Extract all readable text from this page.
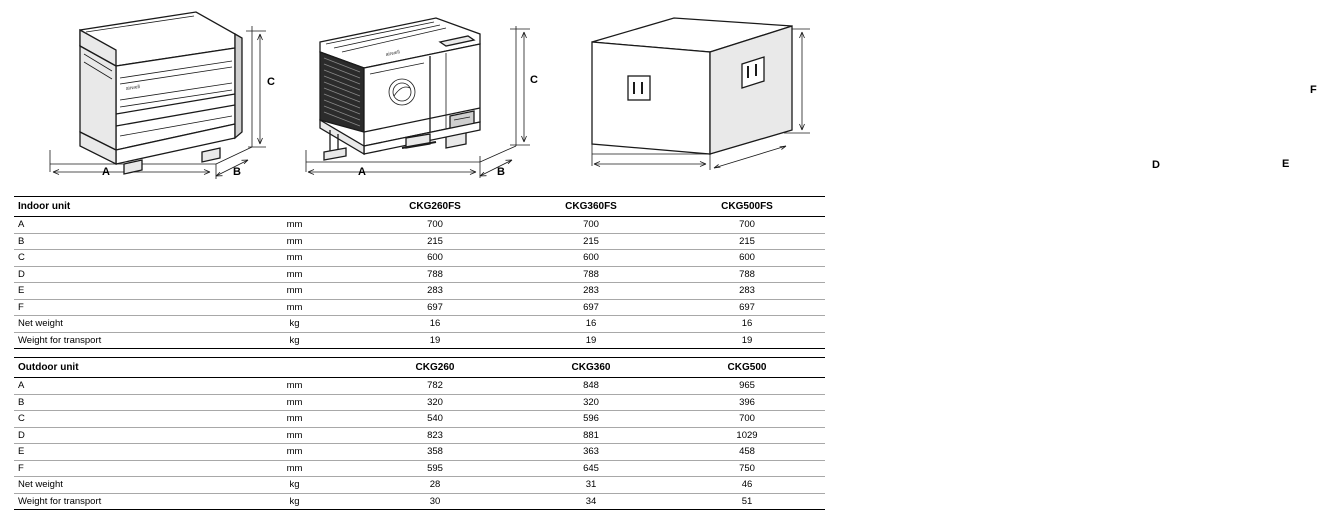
airwell
A	B
C
airwell
A	B
C
D	E
F
Indoor unit		CKG260FS	CKG360FS	CKG500FS
A	mm	700	700	700
B	mm	215	215	215
C	mm	600	600	600
D	mm	788	788	788
E	mm	283	283	283
F	mm	697	697	697
Net weight	kg	16	16	16
Weight for transport	kg	19	19	19
Outdoor unit		CKG260	CKG360	CKG500
A	mm	782	848	965
B	mm	320	320	396
C	mm	540	596	700
D	mm	823	881	1029
E	mm	358	363	458
F	mm	595	645	750
Net weight	kg	28	31	46
Weight for transport	kg	30	34	51
